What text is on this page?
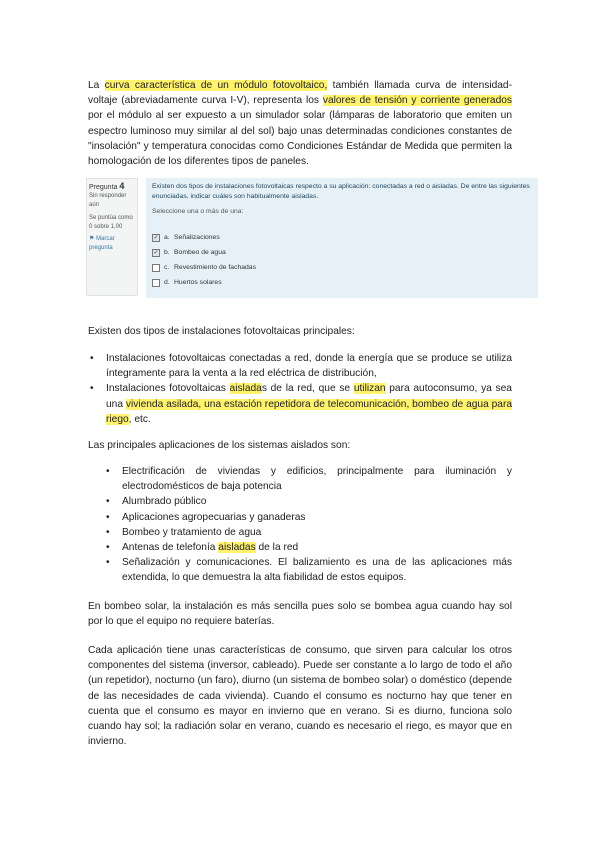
La curva característica de un módulo fotovoltaico, también llamada curva de intensidad-voltaje (abreviadamente curva I-V), representa los valores de tensión y corriente generados por el módulo al ser expuesto a un simulador solar (lámparas de laboratorio que emiten un espectro luminoso muy similar al del sol) bajo unas determinadas condiciones constantes de "insolación" y temperatura conocidas como Condiciones Estándar de Medida que permiten la homologación de los diferentes tipos de paneles.

Pregunta 4
Sin responder aún
Se puntúa como 0 sobre 1,00
⚑ Marcar pregunta
Existen dos tipos de instalaciones fotovoltaicas respecto a su aplicación: conectadas a red o aisladas. De entre las siguientes enunciadas, indicar cuáles son habitualmente aisladas.
Seleccione una o más de una:
✓ a. Señalizaciones
✓ b. Bombeo de agua
c. Revestimiento de fachadas
d. Huertos solares

Existen dos tipos de instalaciones fotovoltaicas principales:

• Instalaciones fotovoltaicas conectadas a red, donde la energía que se produce se utiliza íntegramente para la venta a la red eléctrica de distribución,
• Instalaciones fotovoltaicas aisladas de la red, que se utilizan para autoconsumo, ya sea una vivienda asilada, una estación repetidora de telecomunicación, bombeo de agua para riego, etc.

Las principales aplicaciones de los sistemas aislados son:

• Electrificación de viviendas y edificios, principalmente para iluminación y electrodomésticos de baja potencia
• Alumbrado público
• Aplicaciones agropecuarias y ganaderas
• Bombeo y tratamiento de agua
• Antenas de telefonía aisladas de la red
• Señalización y comunicaciones. El balizamiento es una de las aplicaciones más extendida, lo que demuestra la alta fiabilidad de estos equipos.

En bombeo solar, la instalación es más sencilla pues solo se bombea agua cuando hay sol por lo que el equipo no requiere baterías.

Cada aplicación tiene unas características de consumo, que sirven para calcular los otros componentes del sistema (inversor, cableado). Puede ser constante a lo largo de todo el año (un repetidor), nocturno (un faro), diurno (un sistema de bombeo solar) o doméstico (depende de las necesidades de cada vivienda). Cuando el consumo es nocturno hay que tener en cuenta que el consumo es mayor en invierno que en verano. Si es diurno, funciona solo cuando hay sol; la radiación solar en verano, cuando es necesario el riego, es mayor que en invierno.
